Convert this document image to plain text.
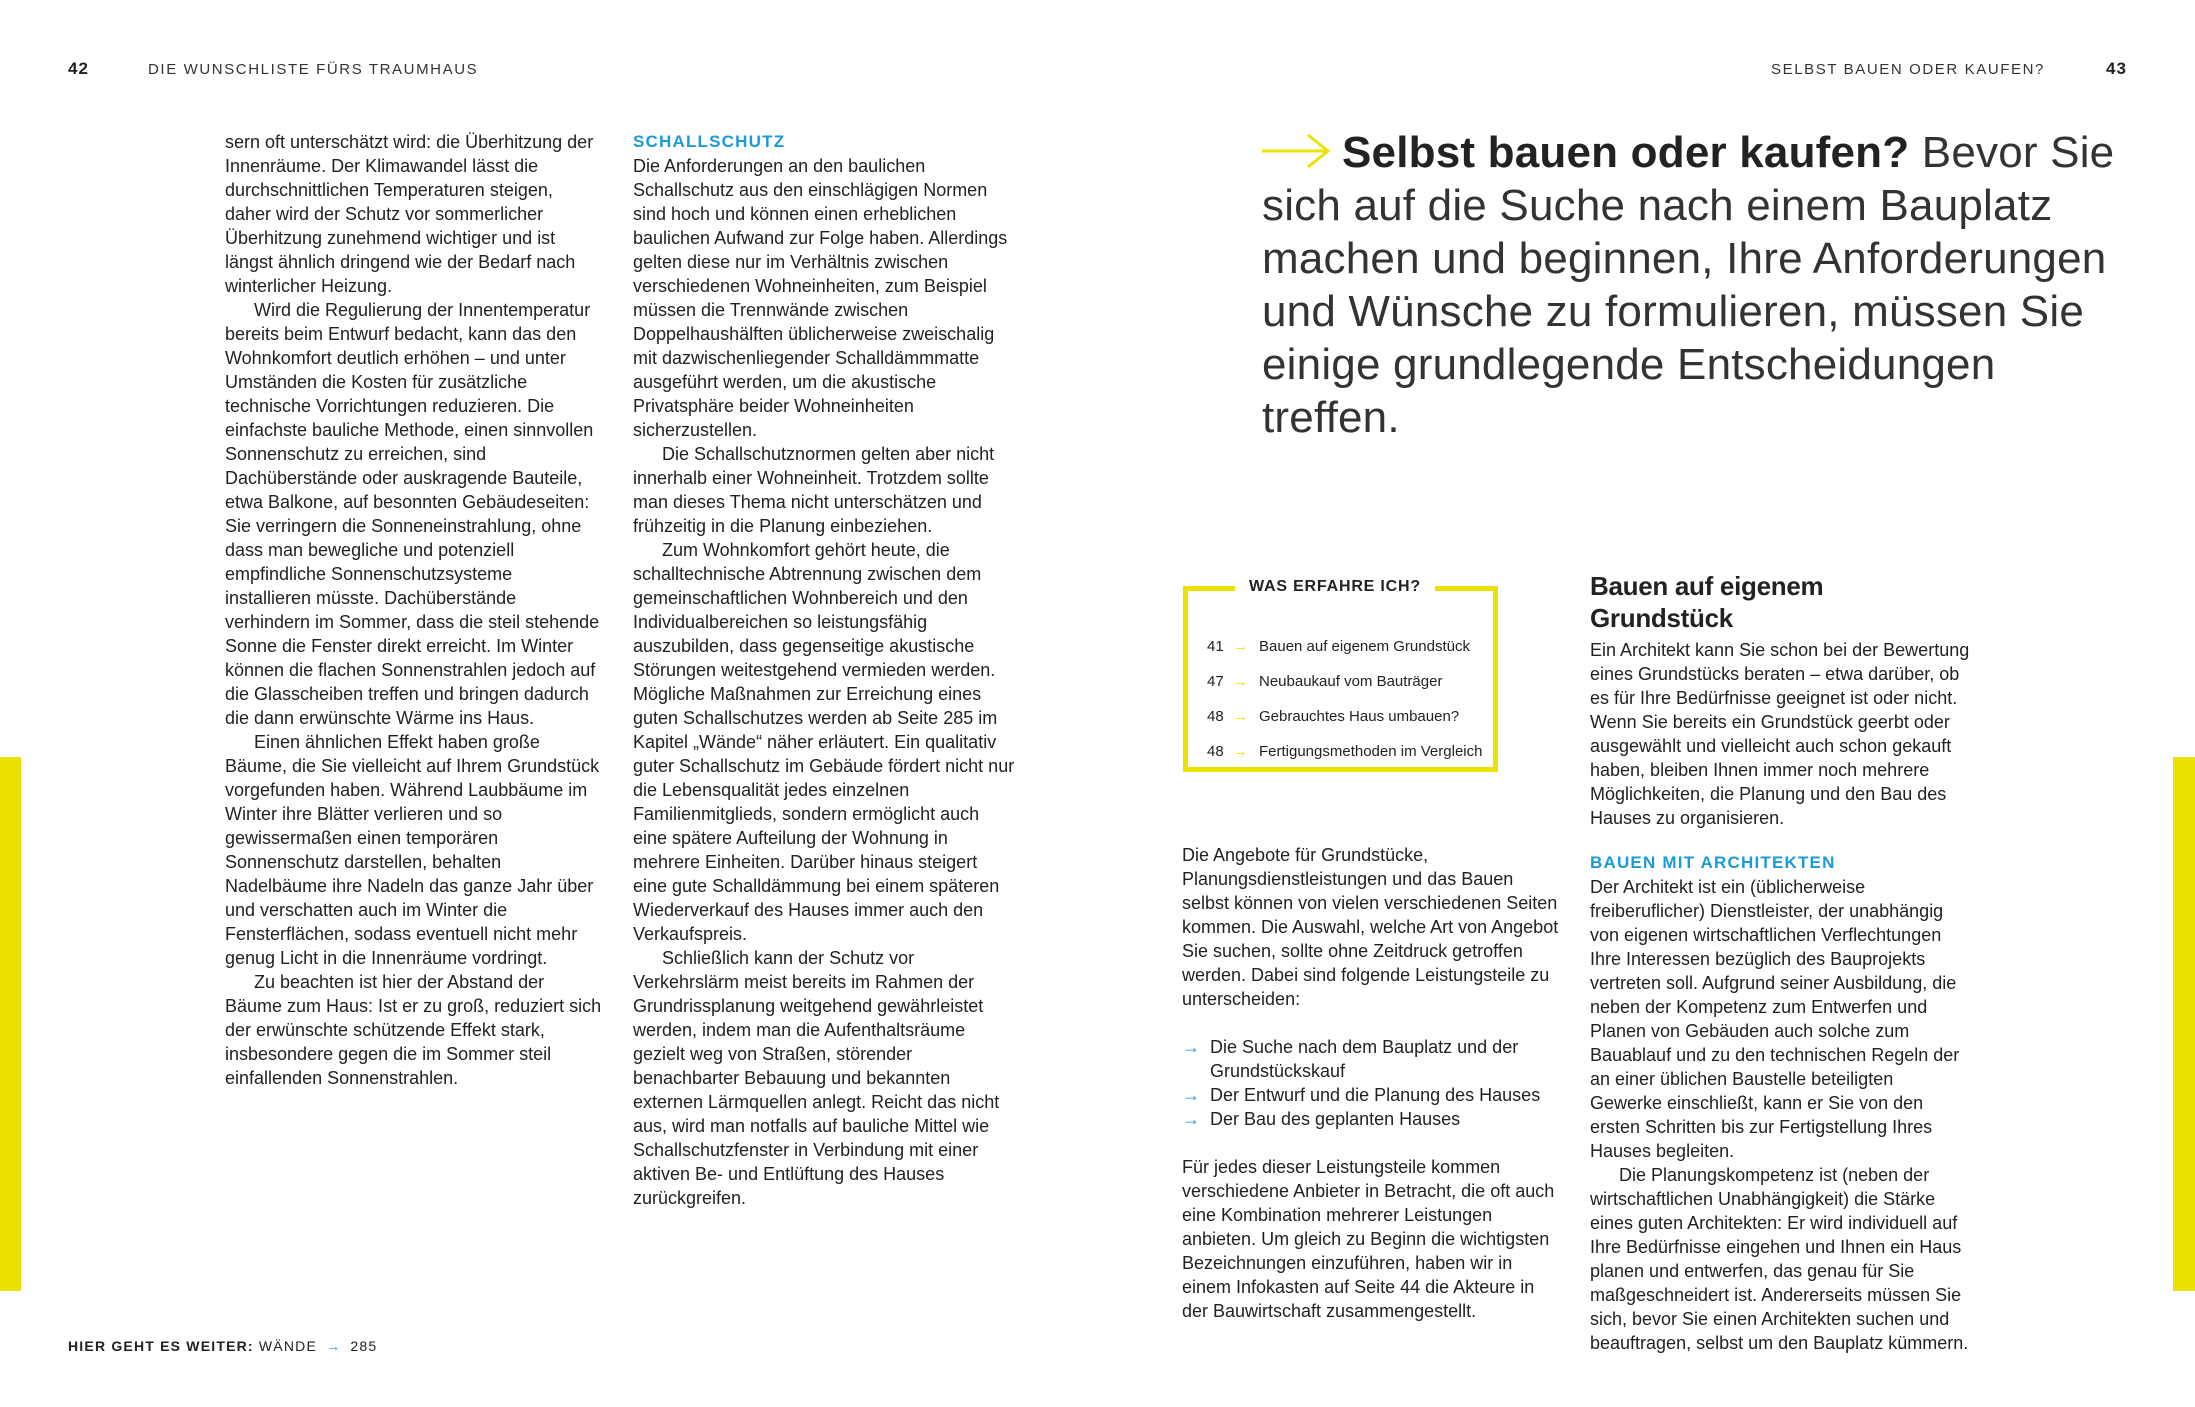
42	DIE WUNSCHLISTE FÜRS TRAUMHAUS	SELBST BAUEN ODER KAUFEN?	43

sern oft unterschätzt wird: die Überhitzung der Innenräume. Der Klimawandel lässt die durchschnittlichen Temperaturen steigen, daher wird der Schutz vor sommerlicher Überhitzung zunehmend wichtiger und ist längst ähnlich dringend wie der Bedarf nach winterlicher Heizung.

Wird die Regulierung der Innentemperatur bereits beim Entwurf bedacht, kann das den Wohnkomfort deutlich erhöhen – und unter Umständen die Kosten für zusätzliche technische Vorrichtungen reduzieren. Die einfachste bauliche Methode, einen sinnvollen Sonnenschutz zu erreichen, sind Dachüberstände oder auskragende Bauteile, etwa Balkone, auf besonnten Gebäudeseiten: Sie verringern die Sonneneinstrahlung, ohne dass man bewegliche und potenziell empfindliche Sonnenschutzsysteme installieren müsste. Dachüberstände verhindern im Sommer, dass die steil stehende Sonne die Fenster direkt erreicht. Im Winter können die flachen Sonnenstrahlen jedoch auf die Glasscheiben treffen und bringen dadurch die dann erwünschte Wärme ins Haus.

Einen ähnlichen Effekt haben große Bäume, die Sie vielleicht auf Ihrem Grundstück vorgefunden haben. Während Laubbäume im Winter ihre Blätter verlieren und so gewissermaßen einen temporären Sonnenschutz darstellen, behalten Nadelbäume ihre Nadeln das ganze Jahr über und verschatten auch im Winter die Fensterflächen, sodass eventuell nicht mehr genug Licht in die Innenräume vordringt.

Zu beachten ist hier der Abstand der Bäume zum Haus: Ist er zu groß, reduziert sich der erwünschte schützende Effekt stark, insbesondere gegen die im Sommer steil einfallenden Sonnenstrahlen.

SCHALLSCHUTZ

Die Anforderungen an den baulichen Schallschutz aus den einschlägigen Normen sind hoch und können einen erheblichen baulichen Aufwand zur Folge haben. Allerdings gelten diese nur im Verhältnis zwischen verschiedenen Wohneinheiten, zum Beispiel müssen die Trennwände zwischen Doppelhaushälften üblicherweise zweischalig mit dazwischenliegender Schalldämmmatte ausgeführt werden, um die akustische Privatsphäre beider Wohneinheiten sicherzustellen.

Die Schallschutznormen gelten aber nicht innerhalb einer Wohneinheit. Trotzdem sollte man dieses Thema nicht unterschätzen und frühzeitig in die Planung einbeziehen.

Zum Wohnkomfort gehört heute, die schalltechnische Abtrennung zwischen dem gemeinschaftlichen Wohnbereich und den Individualbereichen so leistungsfähig auszubilden, dass gegenseitige akustische Störungen weitestgehend vermieden werden. Mögliche Maßnahmen zur Erreichung eines guten Schallschutzes werden ab Seite 285 im Kapitel „Wände“ näher erläutert. Ein qualitativ guter Schallschutz im Gebäude fördert nicht nur die Lebensqualität jedes einzelnen Familienmitglieds, sondern ermöglicht auch eine spätere Aufteilung der Wohnung in mehrere Einheiten. Darüber hinaus steigert eine gute Schalldämmung bei einem späteren Wiederverkauf des Hauses immer auch den Verkaufspreis.

Schließlich kann der Schutz vor Verkehrslärm meist bereits im Rahmen der Grundrissplanung weitgehend gewährleistet werden, indem man die Aufenthaltsräume gezielt weg von Straßen, störender benachbarter Bebauung und bekannten externen Lärmquellen anlegt. Reicht das nicht aus, wird man notfalls auf bauliche Mittel wie Schallschutzfenster in Verbindung mit einer aktiven Be- und Entlüftung des Hauses zurückgreifen.

HIER GEHT ES WEITER: WÄNDE → 285
Selbst bauen oder kaufen? Bevor Sie sich auf die Suche nach einem Bauplatz machen und beginnen, Ihre Anforderungen und Wünsche zu formulieren, müssen Sie einige grundlegende Entscheidungen treffen.
41 → Bauen auf eigenem Grundstück
47 → Neubaukauf vom Bauträger
48 → Gebrauchtes Haus umbauen?
48 → Fertigungsmethoden im Vergleich
WAS ERFAHRE ICH?

Die Angebote für Grundstücke, Planungsdienstleistungen und das Bauen selbst können von vielen verschiedenen Seiten kommen. Die Auswahl, welche Art von Angebot Sie suchen, sollte ohne Zeitdruck getroffen werden. Dabei sind folgende Leistungsteile zu unterscheiden:

→ Die Suche nach dem Bauplatz und der Grundstückskauf
→ Der Entwurf und die Planung des Hauses
→ Der Bau des geplanten Hauses

Für jedes dieser Leistungsteile kommen verschiedene Anbieter in Betracht, die oft auch eine Kombination mehrerer Leistungen anbieten. Um gleich zu Beginn die wichtigsten Bezeichnungen einzuführen, haben wir in einem Infokasten auf Seite 44 die Akteure in der Bauwirtschaft zusammengestellt.

Bauen auf eigenem Grundstück

Ein Architekt kann Sie schon bei der Bewertung eines Grundstücks beraten – etwa darüber, ob es für Ihre Bedürfnisse geeignet ist oder nicht. Wenn Sie bereits ein Grundstück geerbt oder ausgewählt und vielleicht auch schon gekauft haben, bleiben Ihnen immer noch mehrere Möglichkeiten, die Planung und den Bau des Hauses zu organisieren.

BAUEN MIT ARCHITEKTEN

Der Architekt ist ein (üblicherweise freiberuflicher) Dienstleister, der unabhängig von eigenen wirtschaftlichen Verflechtungen Ihre Interessen bezüglich des Bauprojekts vertreten soll. Aufgrund seiner Ausbildung, die neben der Kompetenz zum Entwerfen und Planen von Gebäuden auch solche zum Bauablauf und zu den technischen Regeln der an einer üblichen Baustelle beteiligten Gewerke einschließt, kann er Sie von den ersten Schritten bis zur Fertigstellung Ihres Hauses begleiten.

Die Planungskompetenz ist (neben der wirtschaftlichen Unabhängigkeit) die Stärke eines guten Architekten: Er wird individuell auf Ihre Bedürfnisse eingehen und Ihnen ein Haus planen und entwerfen, das genau für Sie maßgeschneidert ist. Andererseits müssen Sie sich, bevor Sie einen Architekten suchen und beauftragen, selbst um den Bauplatz kümmern.
